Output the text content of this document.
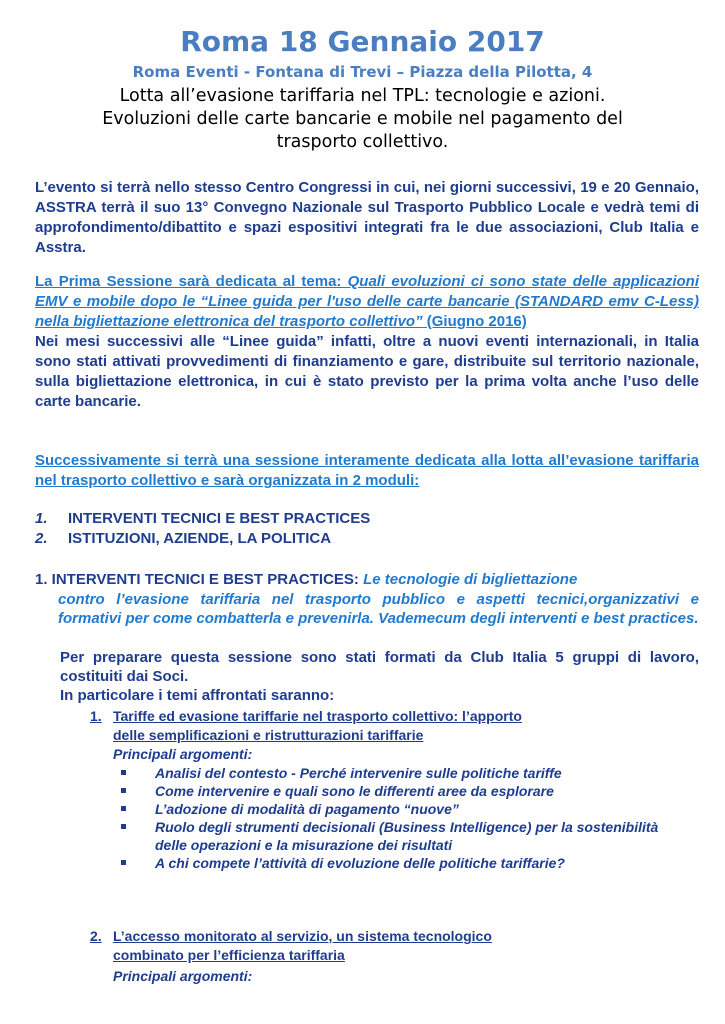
Roma 18 Gennaio 2017
Roma Eventi - Fontana di Trevi – Piazza della Pilotta, 4
Lotta all’evasione tariffaria nel TPL: tecnologie e azioni.
Evoluzioni delle carte bancarie e mobile nel pagamento del
trasporto collettivo.
L’evento si terrà nello stesso Centro Congressi in cui, nei giorni successivi, 19 e 20 Gennaio, ASSTRA terrà il suo 13° Convegno Nazionale sul Trasporto Pubblico Locale e vedrà temi di approfondimento/dibattito e spazi espositivi integrati fra le due associazioni, Club Italia e Asstra.
La Prima Sessione sarà dedicata al tema: Quali evoluzioni ci sono state delle applicazioni EMV e mobile dopo le “Linee guida per l'uso delle carte bancarie (STANDARD emv C-Less) nella bigliettazione elettronica del trasporto collettivo” (Giugno 2016)
Nei mesi successivi alle “Linee guida” infatti, oltre a nuovi eventi internazionali, in Italia sono stati attivati provvedimenti di finanziamento e gare, distribuite sul territorio nazionale, sulla bigliettazione elettronica, in cui è stato previsto per la prima volta anche l’uso delle carte bancarie.
Successivamente si terrà una sessione interamente dedicata alla lotta all’evasione tariffaria nel trasporto collettivo e sarà organizzata in 2 moduli:
1. INTERVENTI TECNICI E BEST PRACTICES
2. ISTITUZIONI, AZIENDE, LA POLITICA
1. INTERVENTI TECNICI E BEST PRACTICES: Le tecnologie di bigliettazione
contro l’evasione tariffaria nel trasporto pubblico e aspetti tecnici,organizzativi e formativi per come combatterla e prevenirla. Vademecum degli interventi e best practices.
Per preparare questa sessione sono stati formati da Club Italia 5 gruppi di lavoro, costituiti dai Soci.
In particolare i temi affrontati saranno:
1. Tariffe ed evasione tariffarie nel trasporto collettivo: l’apporto
delle semplificazioni e ristrutturazioni tariffarie
Principali argomenti:
Analisi del contesto - Perché intervenire sulle politiche tariffe
Come intervenire e quali sono le differenti aree da esplorare
L’adozione di modalità di pagamento “nuove”
Ruolo degli strumenti decisionali (Business Intelligence) per la sostenibilità delle operazioni e la misurazione dei risultati
A chi compete l’attività di evoluzione delle politiche tariffarie?
2. L’accesso monitorato al servizio, un sistema tecnologico
combinato per l’efficienza tariffaria
Principali argomenti:
